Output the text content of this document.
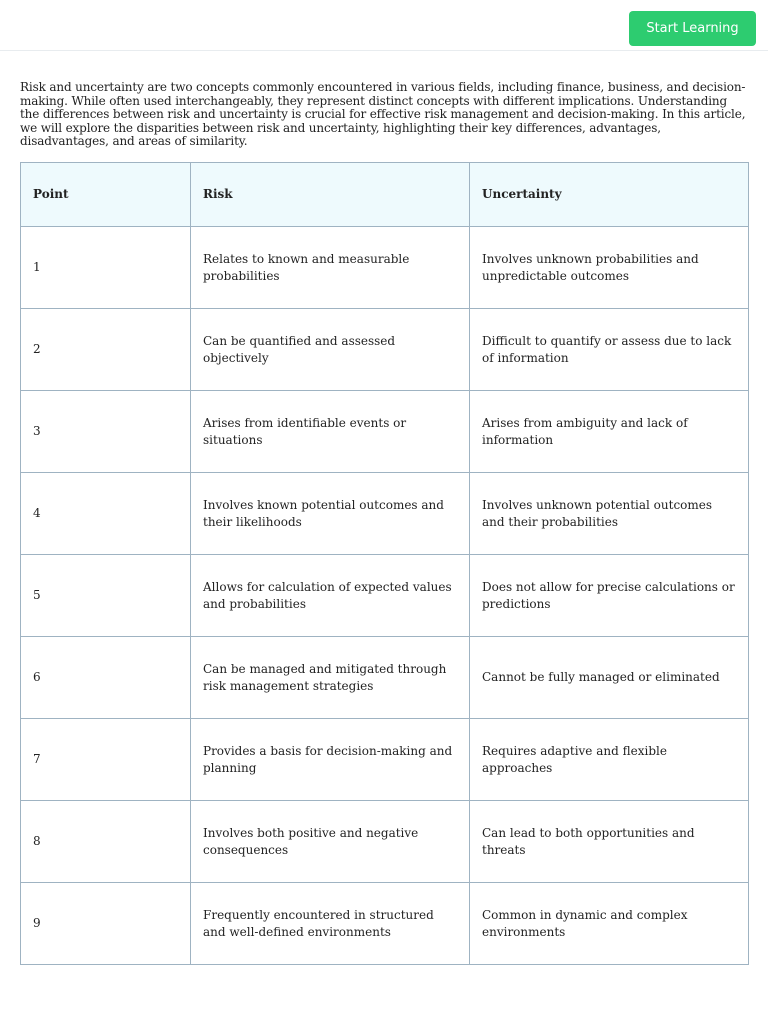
Start Learning

Risk and uncertainty are two concepts commonly encountered in various fields, including finance, business, and decision-making. While often used interchangeably, they represent distinct concepts with different implications. Understanding the differences between risk and uncertainty is crucial for effective risk management and decision-making. In this article, we will explore the disparities between risk and uncertainty, highlighting their key differences, advantages, disadvantages, and areas of similarity.

Point	Risk	Uncertainty
1	Relates to known and measurable probabilities	Involves unknown probabilities and unpredictable outcomes
2	Can be quantified and assessed objectively	Difficult to quantify or assess due to lack of information
3	Arises from identifiable events or situations	Arises from ambiguity and lack of information
4	Involves known potential outcomes and their likelihoods	Involves unknown potential outcomes and their probabilities
5	Allows for calculation of expected values and probabilities	Does not allow for precise calculations or predictions
6	Can be managed and mitigated through risk management strategies	Cannot be fully managed or eliminated
7	Provides a basis for decision-making and planning	Requires adaptive and flexible approaches
8	Involves both positive and negative consequences	Can lead to both opportunities and threats
9	Frequently encountered in structured and well-defined environments	Common in dynamic and complex environments
